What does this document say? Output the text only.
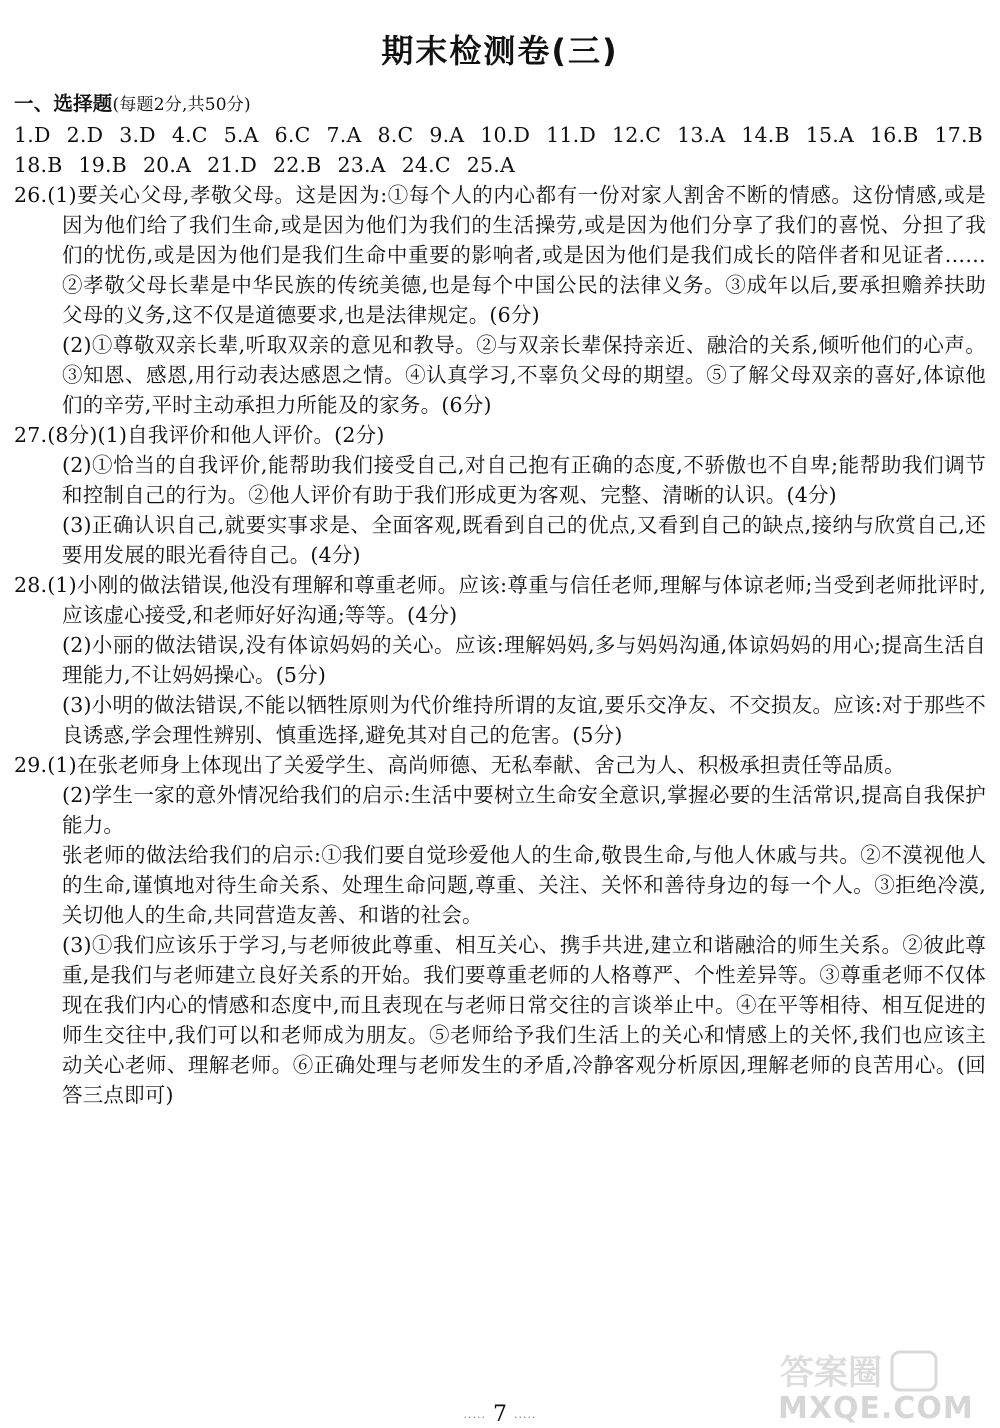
期末检测卷(三)
一、选择题(每题2分,共50分)
1.D 2.D 3.D 4.C 5.A 6.C 7.A 8.C 9.A 10.D 11.D 12.C 13.A 14.B 15.A 16.B 17.B
18.B 19.B 20.A 21.D 22.B 23.A 24.C 25.A

26.(1)要关心父母,孝敬父母。这是因为:①每个人的内心都有一份对家人割舍不断的情感。这份情感,或是因为他们给了我们生命,或是因为他们为我们的生活操劳,或是因为他们分享了我们的喜悦、分担了我们的忧伤,或是因为他们是我们生命中重要的影响者,或是因为他们是我们成长的陪伴者和见证者……②孝敬父母长辈是中华民族的传统美德,也是每个中国公民的法律义务。③成年以后,要承担赡养扶助父母的义务,这不仅是道德要求,也是法律规定。(6分)

(2)①尊敬双亲长辈,听取双亲的意见和教导。②与双亲长辈保持亲近、融洽的关系,倾听他们的心声。③知恩、感恩,用行动表达感恩之情。④认真学习,不辜负父母的期望。⑤了解父母双亲的喜好,体谅他们的辛劳,平时主动承担力所能及的家务。(6分)

27.(8分)(1)自我评价和他人评价。(2分)

(2)①恰当的自我评价,能帮助我们接受自己,对自己抱有正确的态度,不骄傲也不自卑;能帮助我们调节和控制自己的行为。②他人评价有助于我们形成更为客观、完整、清晰的认识。(4分)

(3)正确认识自己,就要实事求是、全面客观,既看到自己的优点,又看到自己的缺点,接纳与欣赏自己,还要用发展的眼光看待自己。(4分)

28.(1)小刚的做法错误,他没有理解和尊重老师。应该:尊重与信任老师,理解与体谅老师;当受到老师批评时,应该虚心接受,和老师好好沟通;等等。(4分)

(2)小丽的做法错误,没有体谅妈妈的关心。应该:理解妈妈,多与妈妈沟通,体谅妈妈的用心;提高生活自理能力,不让妈妈操心。(5分)

(3)小明的做法错误,不能以牺牲原则为代价维持所谓的友谊,要乐交净友、不交损友。应该:对于那些不良诱惑,学会理性辨别、慎重选择,避免其对自己的危害。(5分)

29.(1)在张老师身上体现出了关爱学生、高尚师德、无私奉献、舍己为人、积极承担责任等品质。

(2)学生一家的意外情况给我们的启示:生活中要树立生命安全意识,掌握必要的生活常识,提高自我保护能力。

张老师的做法给我们的启示:①我们要自觉珍爱他人的生命,敬畏生命,与他人休戚与共。②不漠视他人的生命,谨慎地对待生命关系、处理生命问题,尊重、关注、关怀和善待身边的每一个人。③拒绝冷漠,关切他人的生命,共同营造友善、和谐的社会。

(3)①我们应该乐于学习,与老师彼此尊重、相互关心、携手共进,建立和谐融洽的师生关系。②彼此尊重,是我们与老师建立良好关系的开始。我们要尊重老师的人格尊严、个性差异等。③尊重老师不仅体现在我们内心的情感和态度中,而且表现在与老师日常交往的言谈举止中。④在平等相待、相互促进的师生交往中,我们可以和老师成为朋友。⑤老师给予我们生活上的关心和情感上的关怀,我们也应该主动关心老师、理解老师。⑥正确处理与老师发生的矛盾,冷静客观分析原因,理解老师的良苦用心。(回答三点即可)

····· 7 ·····
答案圈
MXQE.COM
